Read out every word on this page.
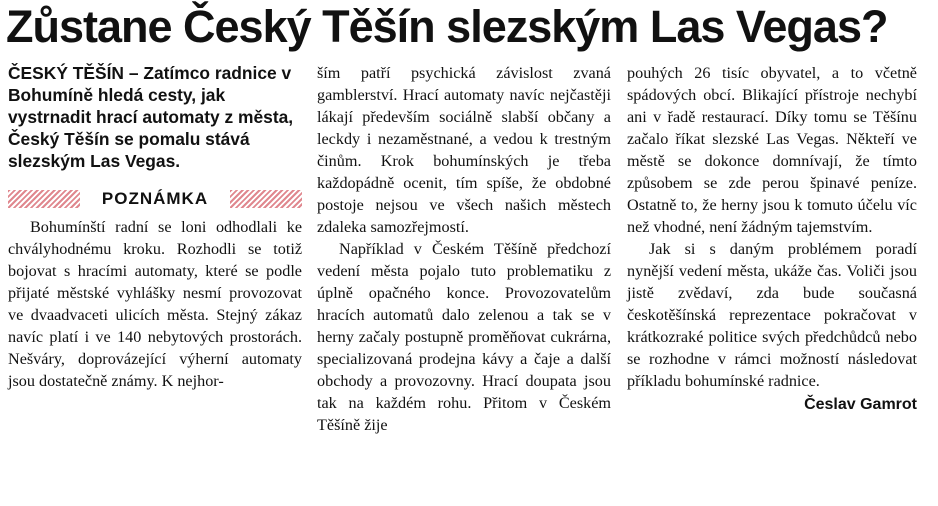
Zůstane Český Těšín slezským Las Vegas?

ČESKÝ TĚŠÍN – Zatímco radnice v Bohumíně hledá cesty, jak vystrnadit hrací automaty z města, Český Těšín se pomalu stává slezským Las Vegas.

POZNÁMKA

Bohumínští radní se loni odhodlali ke chvályhodnému kroku. Rozhodli se totiž bojovat s hracími automaty, které se podle přijaté městské vyhlášky nesmí provozovat ve dvaadvaceti ulicích města. Stejný zákaz navíc platí i ve 140 nebytových prostorách. Nešváry, doprovázející výherní automaty jsou dostatečně známy. K nejhor-

ším patří psychická závislost zvaná gamblerství. Hrací automaty navíc nejčastěji lákají především sociálně slabší občany a leckdy i nezaměstnané, a vedou k trestným činům. Krok bohumínských je třeba každopádně ocenit, tím spíše, že obdobné postoje nejsou ve všech našich městech zdaleka samozřejmostí.

Například v Českém Těšíně předchozí vedení města pojalo tuto problematiku z úplně opačného konce. Provozovatelům hracích automatů dalo zelenou a tak se v herny začaly postupně proměňovat cukrárna, specializovaná prodejna kávy a čaje a další obchody a provozovny. Hrací doupata jsou tak na každém rohu. Přitom v Českém Těšíně žije

pouhých 26 tisíc obyvatel, a to včetně spádových obcí. Blikající přístroje nechybí ani v řadě restaurací. Díky tomu se Těšínu začalo říkat slezské Las Vegas. Někteří ve městě se dokonce domnívají, že tímto způsobem se zde perou špinavé peníze. Ostatně to, že herny jsou k tomuto účelu víc než vhodné, není žádným tajemstvím.

Jak si s daným problémem poradí nynější vedení města, ukáže čas. Voliči jsou jistě zvědaví, zda bude současná českotěšínská reprezentace pokračovat v krátkozraké politice svých předchůdců nebo se rozhodne v rámci možností následovat příkladu bohumínské radnice.

Česlav Gamrot
